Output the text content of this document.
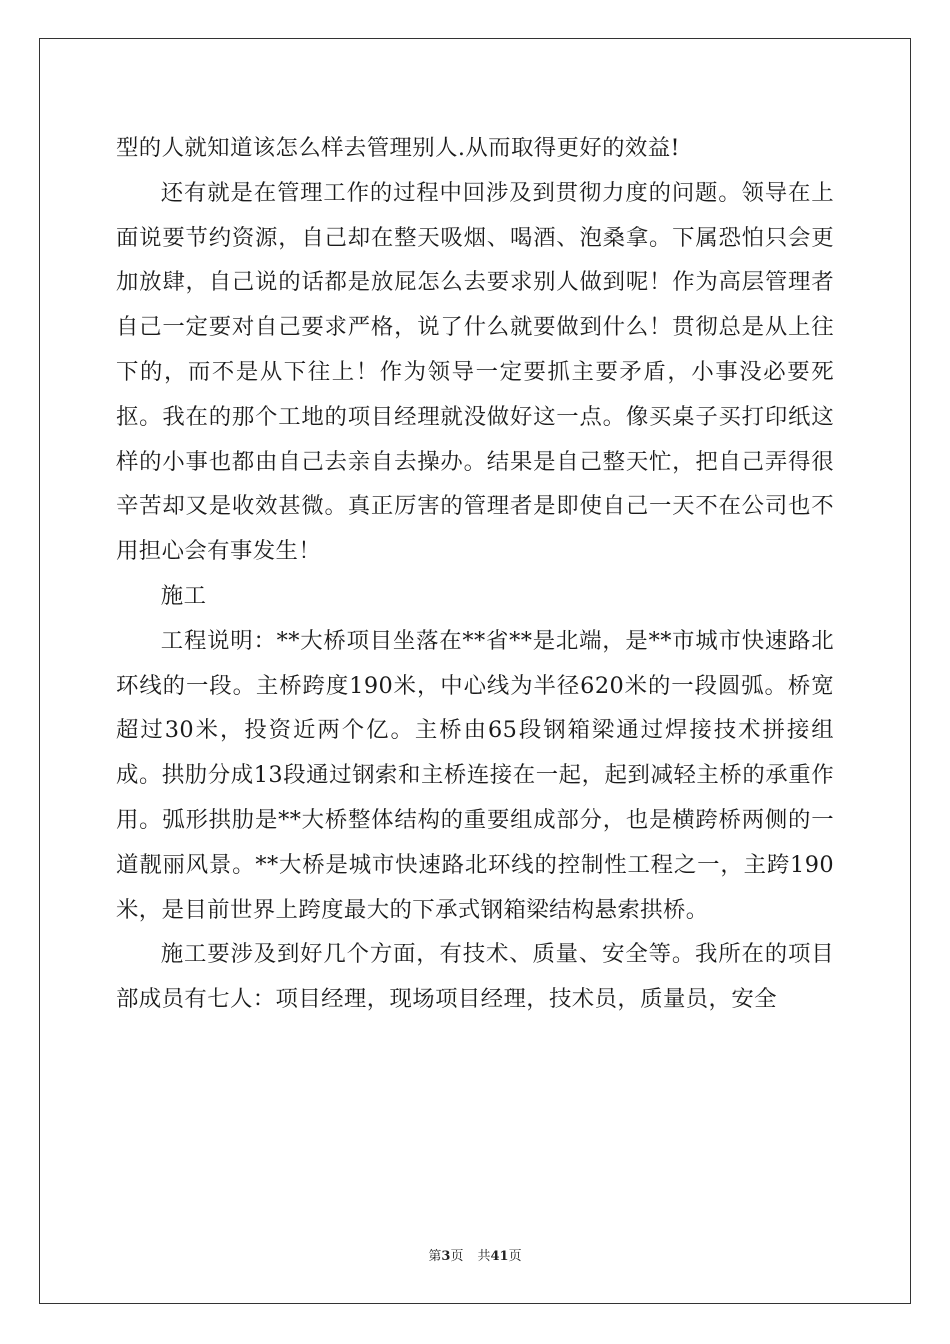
型的人就知道该怎么样去管理别人.从而取得更好的效益!

还有就是在管理工作的过程中回涉及到贯彻力度的问题。领导在上面说要节约资源，自己却在整天吸烟、喝酒、泡桑拿。下属恐怕只会更加放肆，自己说的话都是放屁怎么去要求别人做到呢！作为高层管理者自己一定要对自己要求严格，说了什么就要做到什么！贯彻总是从上往下的，而不是从下往上！作为领导一定要抓主要矛盾，小事没必要死抠。我在的那个工地的项目经理就没做好这一点。像买桌子买打印纸这样的小事也都由自己去亲自去操办。结果是自己整天忙，把自己弄得很辛苦却又是收效甚微。真正厉害的管理者是即使自己一天不在公司也不用担心会有事发生！

施工

工程说明：**大桥项目坐落在**省**是北端，是**市城市快速路北环线的一段。主桥跨度190米，中心线为半径620米的一段圆弧。桥宽超过30米，投资近两个亿。主桥由65段钢箱梁通过焊接技术拼接组成。拱肋分成13段通过钢索和主桥连接在一起，起到减轻主桥的承重作用。弧形拱肋是**大桥整体结构的重要组成部分，也是横跨桥两侧的一道靓丽风景。**大桥是城市快速路北环线的控制性工程之一，主跨190米，是目前世界上跨度最大的下承式钢箱梁结构悬索拱桥。

施工要涉及到好几个方面，有技术、质量、安全等。我所在的项目部成员有七人：项目经理，现场项目经理，技术员，质量员，安全

第3页 共41页
